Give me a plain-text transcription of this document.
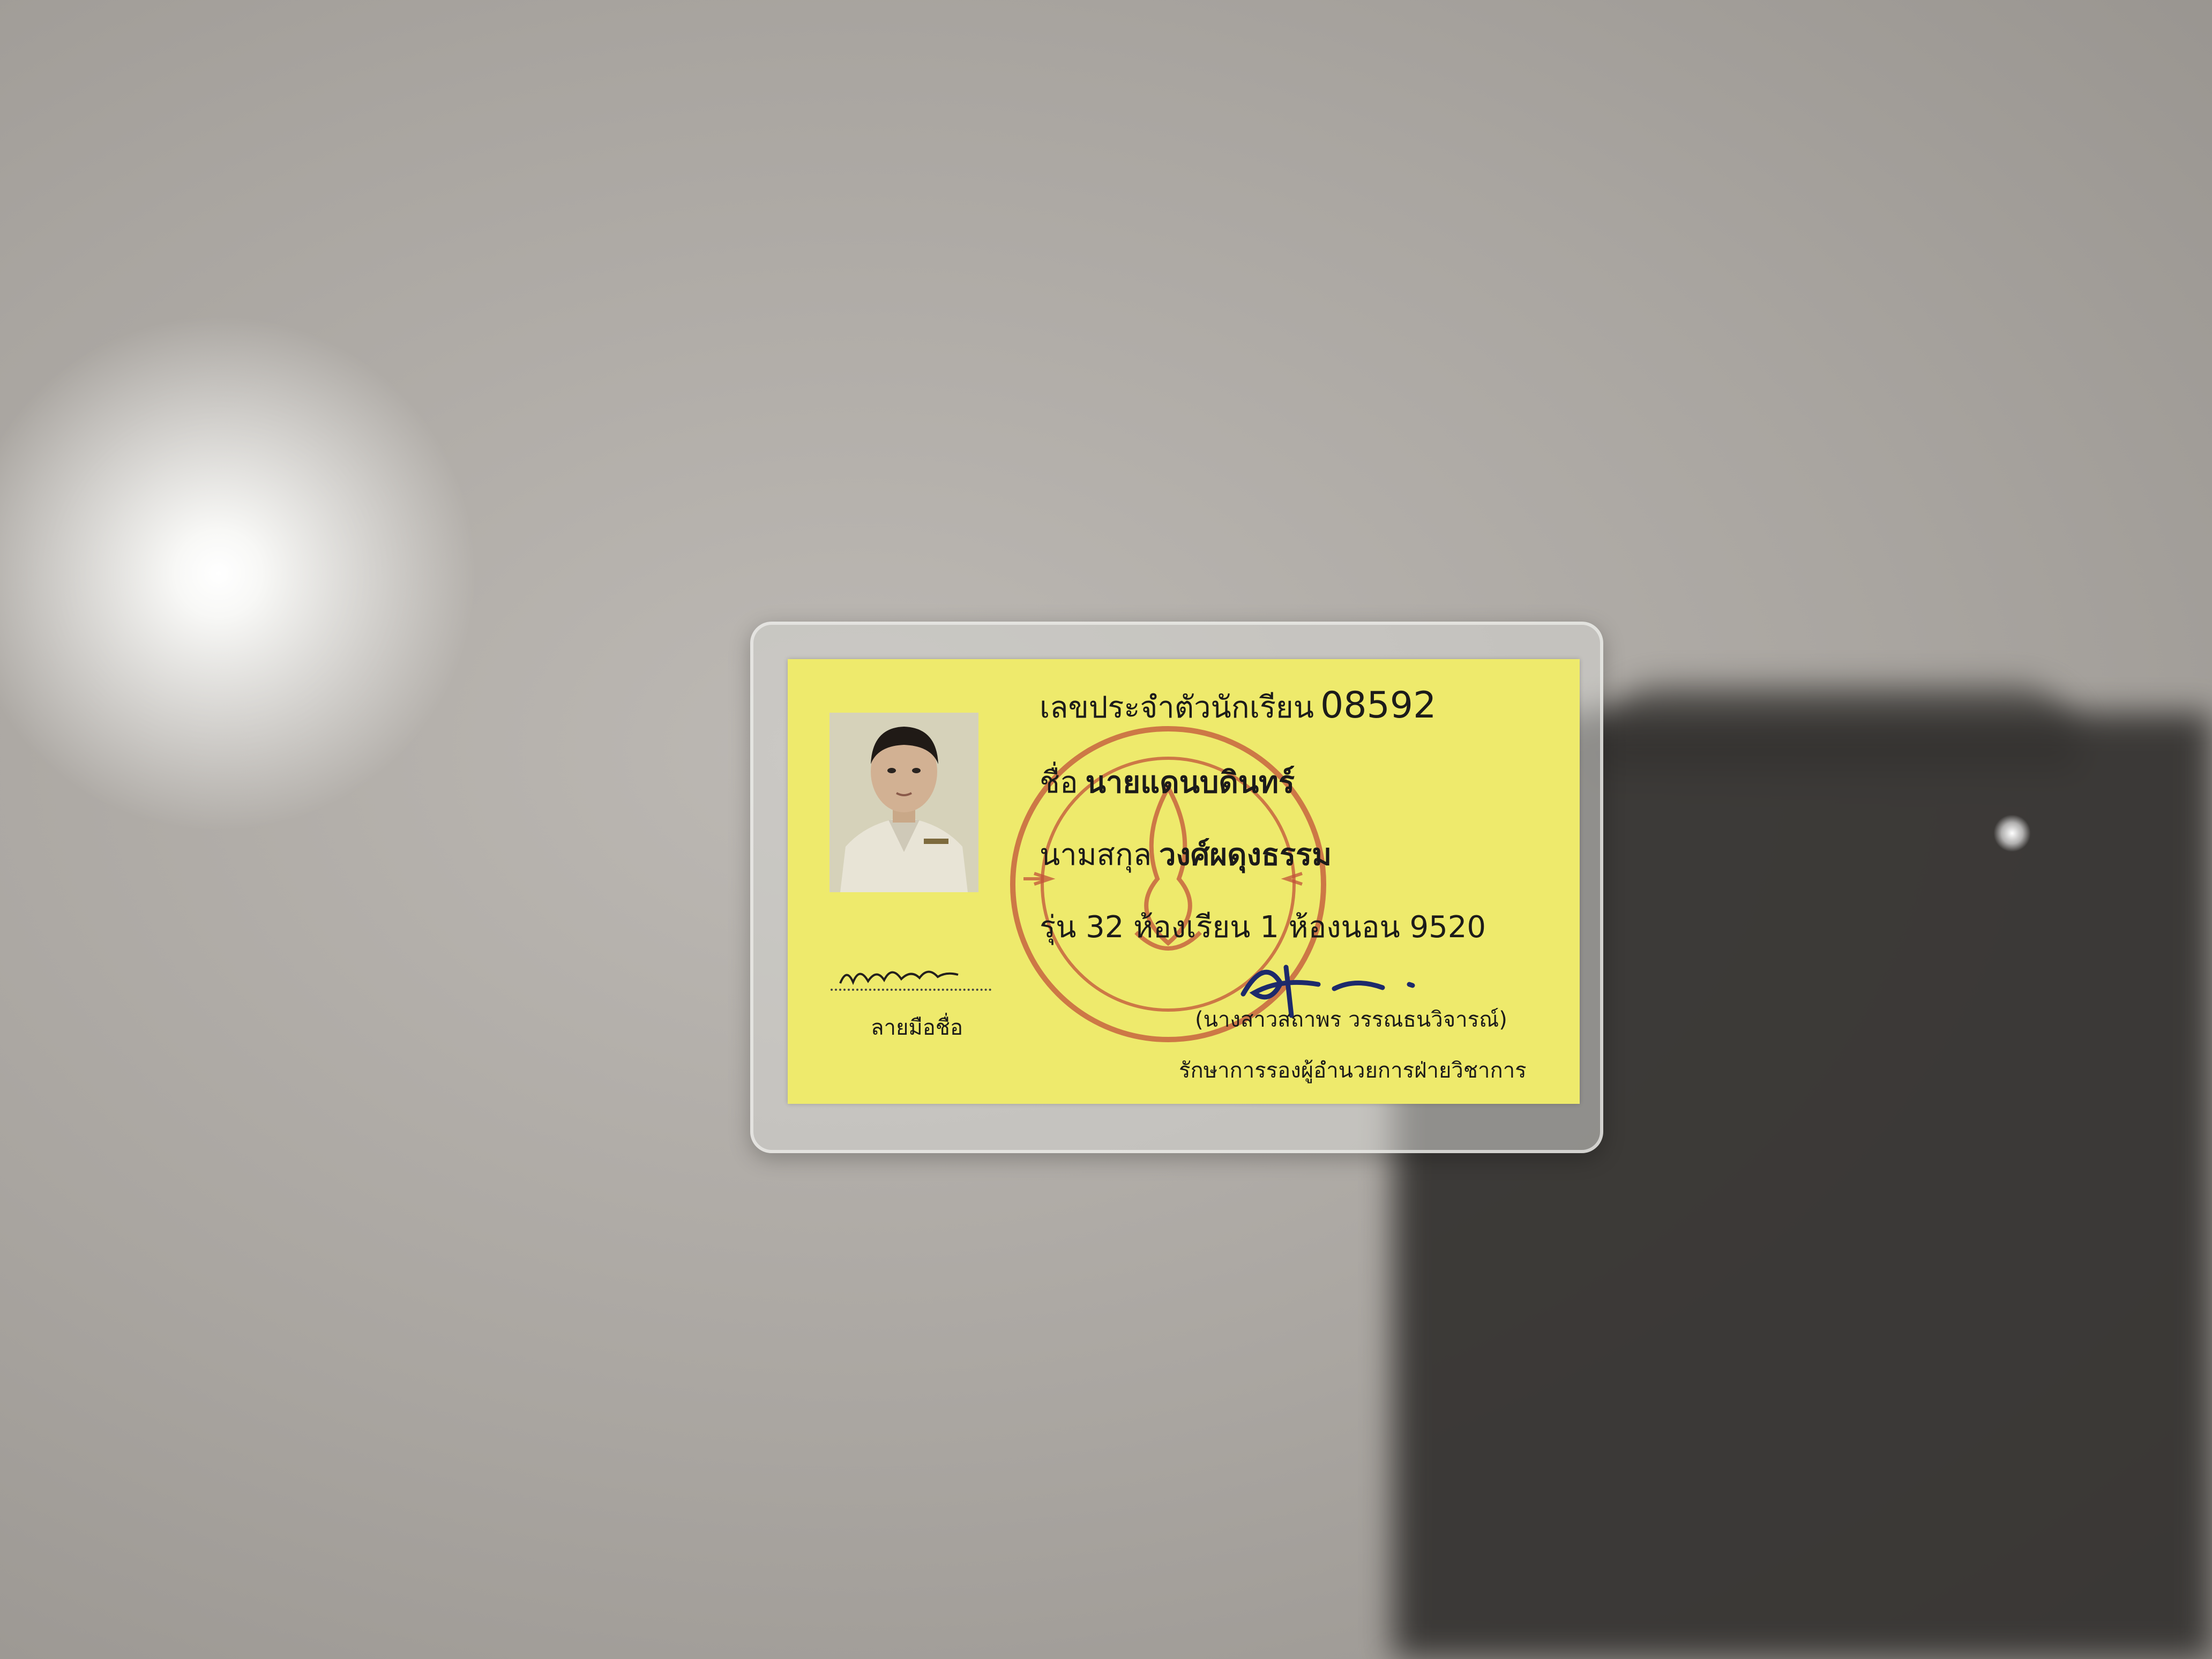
เลขประจำตัวนักเรียน 08592
ชื่อ นายแดนบดินทร์
นามสกุล วงศ์ผดุงธรรม
รุ่น 32 ห้องเรียน 1 ห้องนอน 9520
ลายมือชื่อ	(นางสาวสถาพร วรรณธนวิจารณ์)
รักษาการรองผู้อำนวยการฝ่ายวิชาการ
